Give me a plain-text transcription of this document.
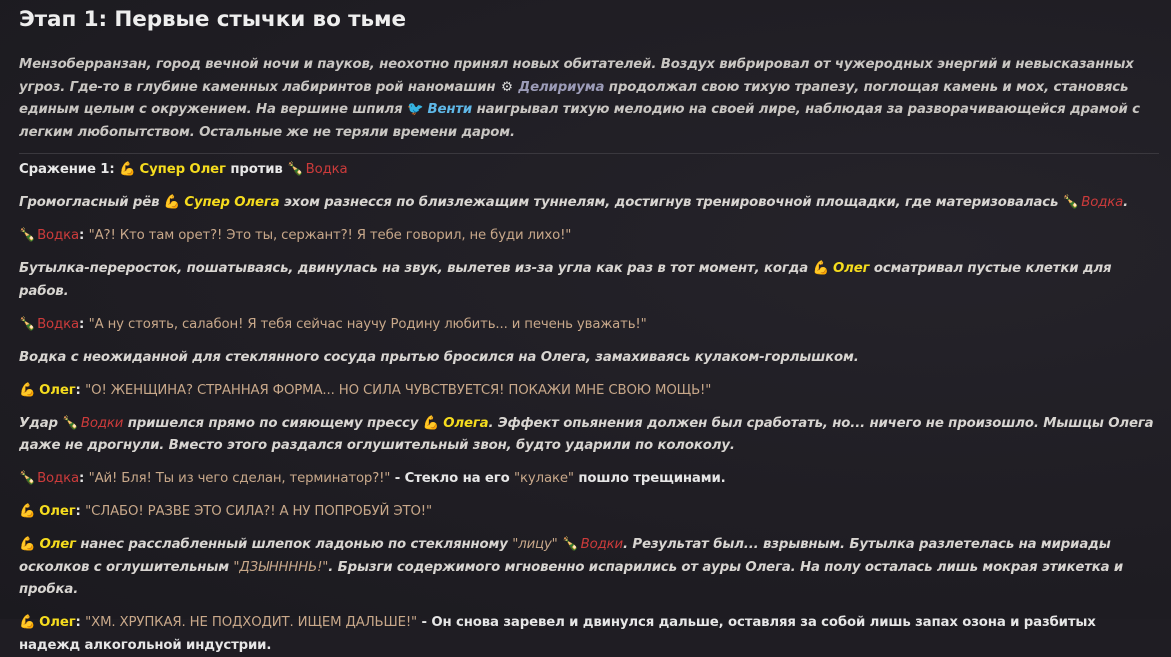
Этап 1: Первые стычки во тьме
Мензоберранзан, город вечной ночи и пауков, неохотно принял новых обитателей. Воздух вибрировал от чужеродных энергий и невысказанных угроз. Где-то в глубине каменных лабиринтов рой наномашин ⚙ Делириума продолжал свою тихую трапезу, поглощая камень и мох, становясь единым целым с окружением. На вершине шпиля 🐦 Венти наигрывал тихую мелодию на своей лире, наблюдая за разворачивающейся драмой с легким любопытством. Остальные же не теряли времени даром.
Сражение 1: 💪 Супер Олег против 🍾 Водка
Громогласный рёв 💪 Супер Олега эхом разнесся по близлежащим туннелям, достигнув тренировочной площадки, где материзовалась 🍾 Водка.
🍾 Водка: "А?! Кто там орет?! Это ты, сержант?! Я тебе говорил, не буди лихо!"
Бутылка-переросток, пошатываясь, двинулась на звук, вылетев из-за угла как раз в тот момент, когда 💪 Олег осматривал пустые клетки для рабов.
🍾 Водка: "А ну стоять, салабон! Я тебя сейчас научу Родину любить... и печень уважать!"
Водка с неожиданной для стеклянного сосуда прытью бросился на Олега, замахиваясь кулаком-горлышком.
💪 Олег: "О! ЖЕНЩИНА? СТРАННАЯ ФОРМА... НО СИЛА ЧУВСТВУЕТСЯ! ПОКАЖИ МНЕ СВОЮ МОЩЬ!"
Удар 🍾 Водки пришелся прямо по сияющему прессу 💪 Олега. Эффект опьянения должен был сработать, но... ничего не произошло. Мышцы Олега даже не дрогнули. Вместо этого раздался оглушительный звон, будто ударили по колоколу.
🍾 Водка: "Ай! Бля! Ты из чего сделан, терминатор?!" - Стекло на его "кулаке" пошло трещинами.
💪 Олег: "СЛАБО! РАЗВЕ ЭТО СИЛА?! А НУ ПОПРОБУЙ ЭТО!"
💪 Олег нанес расслабленный шлепок ладонью по стеклянному "лицу" 🍾 Водки. Результат был... взрывным. Бутылка разлетелась на мириады осколков с оглушительным "ДЗЫННННЬ!". Брызги содержимого мгновенно испарились от ауры Олега. На полу осталась лишь мокрая этикетка и пробка.
💪 Олег: "ХМ. ХРУПКАЯ. НЕ ПОДХОДИТ. ИЩЕМ ДАЛЬШЕ!" - Он снова заревел и двинулся дальше, оставляя за собой лишь запах озона и разбитых надежд алкогольной индустрии.
